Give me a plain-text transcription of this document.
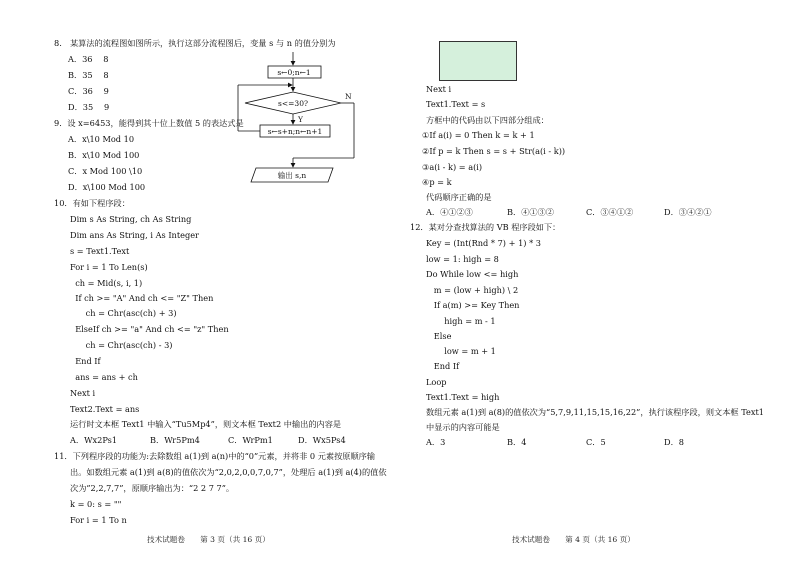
8.　某算法的流程图如图所示，执行这部分流程图后，变量 s 与 n 的值分别为
A．36　 8
B．35　 8
C．36　 9
D．35　 9
s←0;n←1
s<=30?
N
Y
s←s+n;n←n+1
输出 s,n
9．设 x=6453，能得到其十位上数值 5 的表达式是
A．x\10 Mod 10
B．x\10 Mod 100
C．x Mod 100 \10
D．x\100 Mod 100
10．有如下程序段：
Dim s As String, ch As String
Dim ans As String, i As Integer
s = Text1.Text
For i = 1 To Len(s)
ch = Mid(s, i, 1)
If ch >= "A" And ch <= "Z" Then
ch = Chr(asc(ch) + 3)
ElseIf ch >= "a" And ch <= "z" Then
ch = Chr(asc(ch) - 3)
End If
ans = ans + ch
Next i
Text2.Text = ans
运行时文本框 Text1 中输入“Tu5Mp4”，则文本框 Text2 中输出的内容是
A．Wx2Ps1	B．Wr5Pm4	C．WrPm1	D．Wx5Ps4
11．下列程序段的功能为:去除数组 a(1)到 a(n)中的“0”元素，并将非 0 元素按原顺序输
出。如数组元素 a(1)到 a(8)的值依次为“2,0,2,0,0,7,0,7”，处理后 a(1)到 a(4)的值依
次为”2,2,7,7”，原顺序输出为：“2 2 7 7”。
k = 0: s = ""
For i = 1 To n
技术试题卷　　第 3 页（共 16 页）
Next i
Text1.Text = s
方框中的代码由以下四部分组成：
①If a(i) = 0 Then k = k + 1
②If p = k Then s = s + Str(a(i - k))
③a(i - k) = a(i)
④p = k
代码顺序正确的是
A．④①②③	B．④①③②	C．③④①②	D．③④②①
12．某对分查找算法的 VB 程序段如下：
Key = (Int(Rnd * 7) + 1) * 3
low = 1: high = 8
Do While low <= high
m = (low + high) \ 2
If a(m) >= Key Then
high = m - 1
Else
low = m + 1
End If
Loop
Text1.Text = high
数组元素 a(1)到 a(8)的值依次为“5,7,9,11,15,15,16,22”，执行该程序段，则文本框 Text1
中显示的内容可能是
A．3	B．4	C．5	D．8
技术试题卷　　第 4 页（共 16 页）
